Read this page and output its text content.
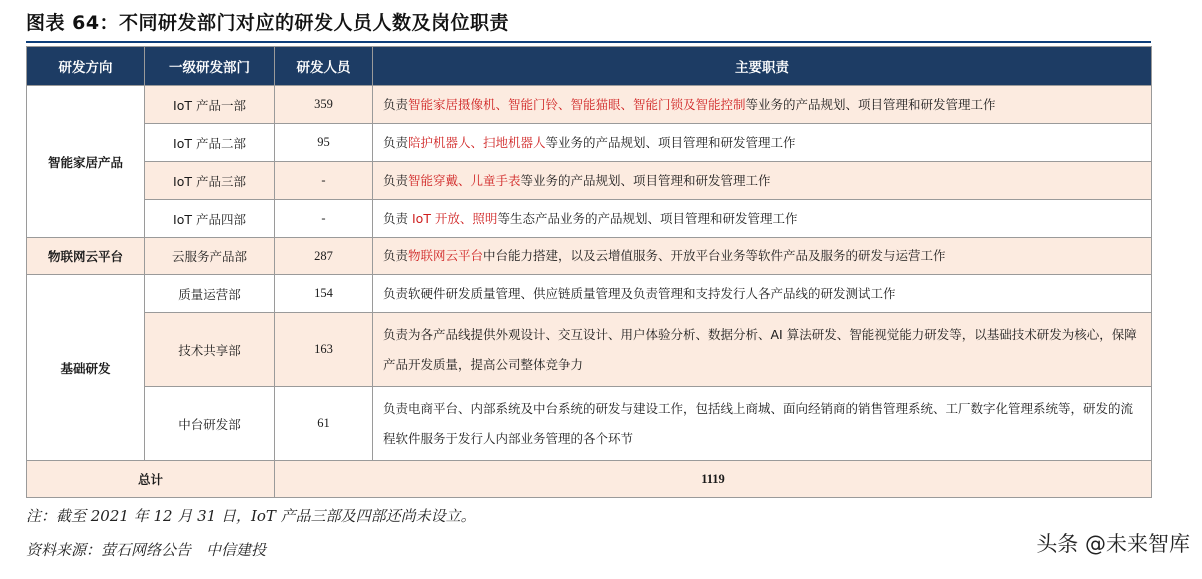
图表 64：不同研发部门对应的研发人员人数及岗位职责
研发方向	一级研发部门	研发人员	主要职责
智能家居产品	IoT 产品一部	359	负责智能家居摄像机、智能门铃、智能猫眼、智能门锁及智能控制等业务的产品规划、项目管理和研发管理工作
	IoT 产品二部	95	负责陪护机器人、扫地机器人等业务的产品规划、项目管理和研发管理工作
	IoT 产品三部	-	负责智能穿戴、儿童手表等业务的产品规划、项目管理和研发管理工作
	IoT 产品四部	-	负责 IoT 开放、照明等生态产品业务的产品规划、项目管理和研发管理工作
物联网云平台	云服务产品部	287	负责物联网云平台中台能力搭建，以及云增值服务、开放平台业务等软件产品及服务的研发与运营工作
基础研发	质量运营部	154	负责软硬件研发质量管理、供应链质量管理及负责管理和支持发行人各产品线的研发测试工作
	技术共享部	163	负责为各产品线提供外观设计、交互设计、用户体验分析、数据分析、AI 算法研发、智能视觉能力研发等，以基础技术研发为核心，保障产品开发质量，提高公司整体竞争力
	中台研发部	61	负责电商平台、内部系统及中台系统的研发与建设工作，包括线上商城、面向经销商的销售管理系统、工厂数字化管理系统等，研发的流程软件服务于发行人内部业务管理的各个环节
总计		1119	
注：截至 2021 年 12 月 31 日，IoT 产品三部及四部还尚未设立。
资料来源：萤石网络公告　中信建投	头条 @未来智库
